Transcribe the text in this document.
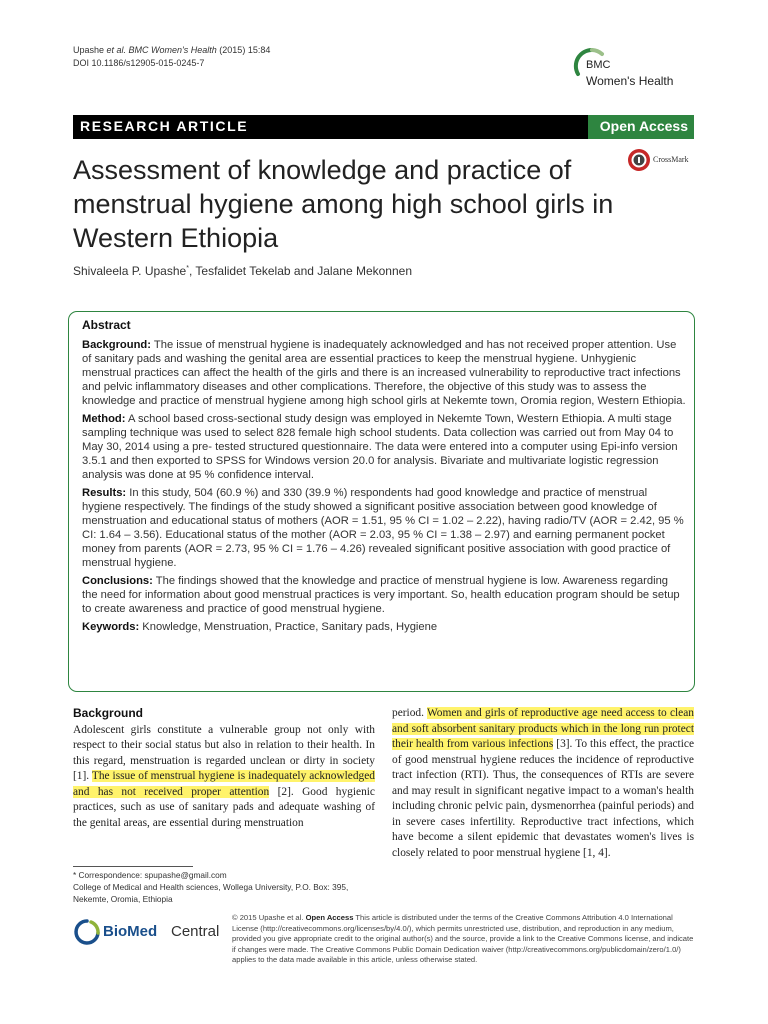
Upashe et al. BMC Women's Health (2015) 15:84
DOI 10.1186/s12905-015-0245-7	BMC
Women's Health
RESEARCH ARTICLE	Open Access
CrossMark
Assessment of knowledge and practice of menstrual hygiene among high school girls in Western Ethiopia
Shivaleela P. Upashe*, Tesfalidet Tekelab and Jalane Mekonnen
Abstract

Background: The issue of menstrual hygiene is inadequately acknowledged and has not received proper attention. Use of sanitary pads and washing the genital area are essential practices to keep the menstrual hygiene. Unhygienic menstrual practices can affect the health of the girls and there is an increased vulnerability to reproductive tract infections and pelvic inflammatory diseases and other complications. Therefore, the objective of this study was to assess the knowledge and practice of menstrual hygiene among high school girls at Nekemte town, Oromia region, Western Ethiopia.

Method: A school based cross-sectional study design was employed in Nekemte Town, Western Ethiopia. A multi stage sampling technique was used to select 828 female high school students. Data collection was carried out from May 04 to May 30, 2014 using a pre- tested structured questionnaire. The data were entered into a computer using Epi-info version 3.5.1 and then exported to SPSS for Windows version 20.0 for analysis. Bivariate and multivariate logistic regression analysis was done at 95 % confidence interval.

Results: In this study, 504 (60.9 %) and 330 (39.9 %) respondents had good knowledge and practice of menstrual hygiene respectively. The findings of the study showed a significant positive association between good knowledge of menstruation and educational status of mothers (AOR = 1.51, 95 % CI = 1.02 – 2.22), having radio/TV (AOR = 2.42, 95 % CI: 1.64 – 3.56). Educational status of the mother (AOR = 2.03, 95 % CI = 1.38 – 2.97) and earning permanent pocket money from parents (AOR = 2.73, 95 % CI = 1.76 – 4.26) revealed significant positive association with good practice of menstrual hygiene.

Conclusions: The findings showed that the knowledge and practice of menstrual hygiene is low. Awareness regarding the need for information about good menstrual practices is very important. So, health education program should be setup to create awareness and practice of good menstrual hygiene.

Keywords: Knowledge, Menstruation, Practice, Sanitary pads, Hygiene

Background
Adolescent girls constitute a vulnerable group not only with respect to their social status but also in relation to their health. In this regard, menstruation is regarded unclean or dirty in society [1]. The issue of menstrual hygiene is inadequately acknowledged and has not received proper attention [2]. Good hygienic practices, such as use of sanitary pads and adequate washing of the genital areas, are essential during menstruation
period. Women and girls of reproductive age need access to clean and soft absorbent sanitary products which in the long run protect their health from various infections [3]. To this effect, the practice of good menstrual hygiene reduces the incidence of reproductive tract infection (RTI). Thus, the consequences of RTIs are severe and may result in significant negative impact to a woman's health including chronic pelvic pain, dysmenorrhea (painful periods) and in severe cases infertility. Reproductive tract infections, which have become a silent epidemic that devastates women's lives is closely related to poor menstrual hygiene [1, 4].
* Correspondence: spupashe@gmail.com
College of Medical and Health sciences, Wollega University, P.O. Box: 395, Nekemte, Oromia, Ethiopia
BioMed Central
© 2015 Upashe et al. Open Access This article is distributed under the terms of the Creative Commons Attribution 4.0 International License (http://creativecommons.org/licenses/by/4.0/), which permits unrestricted use, distribution, and reproduction in any medium, provided you give appropriate credit to the original author(s) and the source, provide a link to the Creative Commons license, and indicate if changes were made. The Creative Commons Public Domain Dedication waiver (http://creativecommons.org/publicdomain/zero/1.0/) applies to the data made available in this article, unless otherwise stated.
